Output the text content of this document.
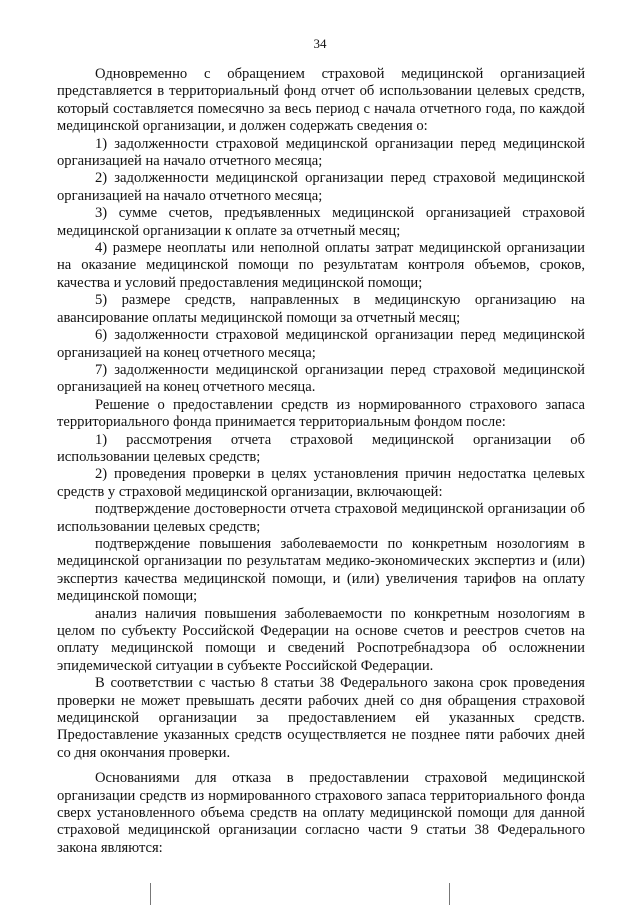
34

Одновременно с обращением страховой медицинской организацией представляется в территориальный фонд отчет об использовании целевых средств, который составляется помесячно за весь период с начала отчетного года, по каждой медицинской организации, и должен содержать сведения о:

1) задолженности страховой медицинской организации перед медицинской организацией на начало отчетного месяца;

2) задолженности медицинской организации перед страховой медицинской организацией на начало отчетного месяца;

3) сумме счетов, предъявленных медицинской организацией страховой медицинской организации к оплате за отчетный месяц;

4) размере неоплаты или неполной оплаты затрат медицинской организации на оказание медицинской помощи по результатам контроля объемов, сроков, качества и условий предоставления медицинской помощи;

5) размере средств, направленных в медицинскую организацию на авансирование оплаты медицинской помощи за отчетный месяц;

6) задолженности страховой медицинской организации перед медицинской организацией на конец отчетного месяца;

7) задолженности медицинской организации перед страховой медицинской организацией на конец отчетного месяца.

Решение о предоставлении средств из нормированного страхового запаса территориального фонда принимается территориальным фондом после:

1) рассмотрения отчета страховой медицинской организации об использовании целевых средств;

2) проведения проверки в целях установления причин недостатка целевых средств у страховой медицинской организации, включающей:

подтверждение достоверности отчета страховой медицинской организации об использовании целевых средств;

подтверждение повышения заболеваемости по конкретным нозологиям в медицинской организации по результатам медико-экономических экспертиз и (или) экспертиз качества медицинской помощи, и (или) увеличения тарифов на оплату медицинской помощи;

анализ наличия повышения заболеваемости по конкретным нозологиям в целом по субъекту Российской Федерации на основе счетов и реестров счетов на оплату медицинской помощи и сведений Роспотребнадзора об осложнении эпидемической ситуации в субъекте Российской Федерации.

В соответствии с частью 8 статьи 38 Федерального закона срок проведения проверки не может превышать десяти рабочих дней со дня обращения страховой медицинской организации за предоставлением ей указанных средств. Предоставление указанных средств осуществляется не позднее пяти рабочих дней со дня окончания проверки.

Основаниями для отказа в предоставлении страховой медицинской организации средств из нормированного страхового запаса территориального фонда сверх установленного объема средств на оплату медицинской помощи для данной страховой медицинской организации согласно части 9 статьи 38 Федерального закона являются:
